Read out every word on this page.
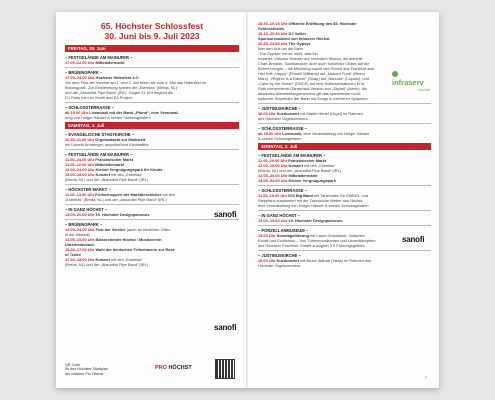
65. Höchster Schlossfest
30. Juni bis 9. Juli 2023
FREITAG, 30. Juni
– FESTGELÄNDE AM MAINUFER –
17.00–22.00 Uhr Mittelaltermarkt
– BRÜNINGPARK –
17.00–24.00 Uhr Höchster Hafenfest 4.0:
Vor dem Fest der Vereine am 1. und 2. Juli feiern wir zum 4. Mal das Hafenfest im
Brüningpark. Zur Einstimmung spielen die „Estrellas“ (Breda, NL)
und die „Absurdist Pipe Band“ (IRL). Gegen 21 Uhr beginnt die
DJ-Party mit Leo Smith and EA Project.
– SCHLOSSTERRASSE –
ab 19.00 Uhr Livemusik mit der Band „Pfund“, eine Veranstal-
tung von Holger Häuser & seinen Schlossgeistern
SAMSTAG, 1. Juli
– EVANGELISCHE STADTKIRCHE –
10.30–11.00 Uhr Orgelandacht zur Marktzeit
mit Lisbeth Armberger, anschließend Kirchkaffee
– FESTGELÄNDE AM MAINUFER –
11.00–24.00 Uhr Französischer Markt
11.00–22.00 Uhr Mittelaltermarkt
13.00–24.00 Uhr Kleiner Vergnügungspark für Kinder
15.00–18.00 Uhr Konzert mit den „Estrellas“
(Breda, NL) und der „Absurdist Pipe Band“ (IRL)
– HÖCHSTER MARKT –
11.00–13.00 Uhr Frühschoppen der Marktbeschicker mit den
„Estrellas“ (Breda, NL) und der „Absurdist Pipe Band“ (IRL)
– IN GANZ HÖCHST –
13.00–20.00 Uhr 19. Höchster Designparcours
– BRÜNINGPARK –
13.00–24.00 Uhr Fest der Vereine (auch an einzelnen Orten
in der Altstadt)
14.00–15.00 Uhr Blasorchester Höchst / Musikverein
Unterliederbach
15.30–17.00 Uhr Wahl der deutschen Teilnehmerin zur Rose
of Tralee
17.00–18.00 Uhr Konzert mit den „Estrellas“
(Breda, NL) und der „Absurdist Pipe Band“ (IRL)
sanofi
sanofi
QR-Code
für den Höchster Stadtplan
der Initiative Pro Höchst
PRO HÖCHST
18.30–19.15 Uhr Offizielle Eröffnung des 65. Höchster
Schlossfestes
19.15–20.30 Uhr DJ Volker
Sponsorenabend von Infraserv Höchst
20.30–24.00 Uhr The Gypsys
Wer den Kult um die Band
„The Gypsys“ kennt, weiß, was ihn
erwartet: Virtuose Musiker auf höchstem Niveau, die aktuelle
Chart-Breaker, Soulklassiker, aber auch funkelnde Oldies auf die
Bühne bringen – die Mischung macht den Sound aus Frankfurt aus!
Hier trifft „Happy“ (Pharell Williams) auf „Uptown Funk“ (Bruno
Mars), „Rhythm is a Dancer“ (Snap) auf „Narcotic“ (Liquido), und
„Cake by the Ocean“ (DNCE) auf eine Kultursensationen Ena
Roth interpretierte Gänsehaut-Version von „Skyfall“ (Adele). Als
absolutes Alleinstellungsmerkmal gilt das spielerische multi-
kulturelle Repertoire der Band mit Songs in mehreren Sprachen.
– JUSTINUSKIRCHE –
16.00 Uhr Kurzkonzert mit Martin Hertel (Orgel) im Rahmen
des Höchster Orgelsommers
– SCHLOSSTERRASSE –
ab 19.00 Uhr Livemusik, eine Veranstaltung von Holger Häuser
& seinen Schlossgeistern
SONNTAG, 2. Juli
– FESTGELÄNDE AM MAINUFER –
11.00–20.00 Uhr Französischer Markt
12.00–15.00 Uhr Konzert mit den „Estrellas“
(Breda, NL) und der „Absurdist Pipe Band“ (IRL)
12.00–20.00 Uhr Mittelaltermarkt
13.00–24.00 Uhr Kleiner Vergnügungspark
– SCHLOSSTERRASSE –
11.00–19.00 Uhr IKS Big Band mit Tanzboden für SWING- und
Stepptanz zusammen mit der Tanzschule Weber aus Höchst,
eine Veranstaltung von Holger Häuser & seinen Schlossgeistern
– IN GANZ HÖCHST –
13.00–19.00 Uhr 19. Höchster Designparcours
– PORZELLANMUSEUM –
15.00 Uhr Sonntagsführung mit Laura Grossbach: Zwischen
Exotik und Exotismus – Von Türkenmusikanten und Löwenkämpfern
aus Höchster Porzellan. Eintritt zuzüglich 3 € Führungsgebühr
– JUSTINUSKIRCHE –
16.00 Uhr Kurzkonzert mit Bruce Wahab (Tabla) im Rahmen des
Höchster Orgelsommers
infraserv
höchst
sanofi
7
